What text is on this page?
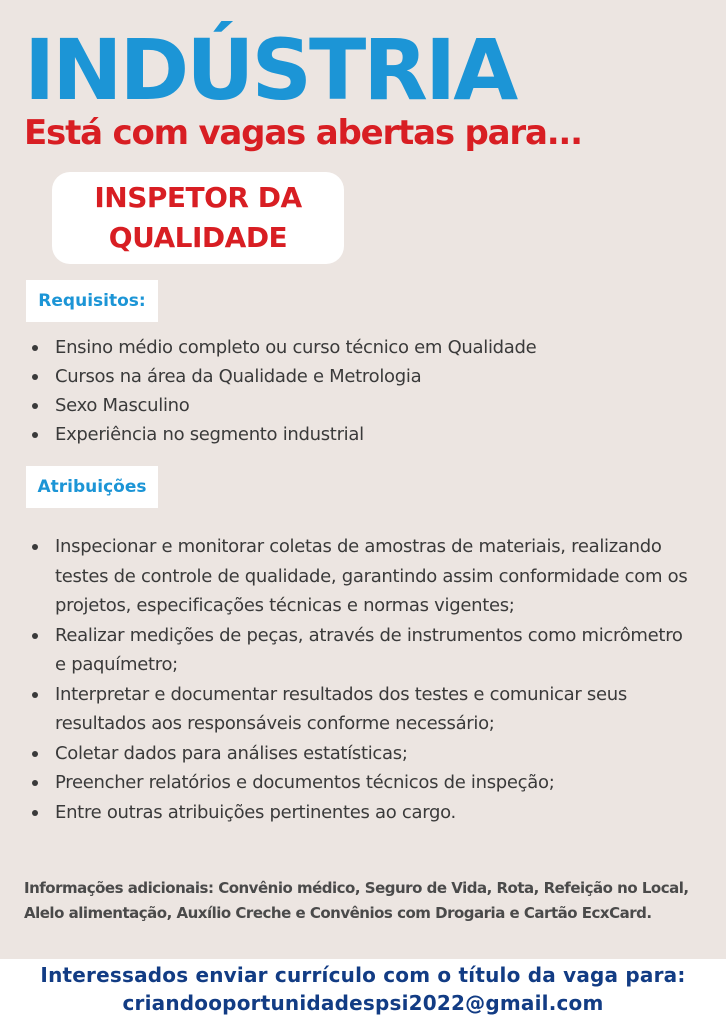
INDÚSTRIA
Está com vagas abertas para...
INSPETOR DA
QUALIDADE
Requisitos:
Ensino médio completo ou curso técnico em Qualidade
Cursos na área da Qualidade e Metrologia
Sexo Masculino
Experiência no segmento industrial
Atribuições
Inspecionar e monitorar coletas de amostras de materiais, realizando testes de controle de qualidade, garantindo assim conformidade com os projetos, especificações técnicas e normas vigentes;
Realizar medições de peças, através de instrumentos como micrômetro e paquímetro;
Interpretar e documentar resultados dos testes e comunicar seus resultados aos responsáveis conforme necessário;
Coletar dados para análises estatísticas;
Preencher relatórios e documentos técnicos de inspeção;
Entre outras atribuições pertinentes ao cargo.

Informações adicionais: Convênio médico, Seguro de Vida, Rota, Refeição no Local, Alelo alimentação, Auxílio Creche e Convênios com Drogaria e Cartão EcxCard.

Interessados enviar currículo com o título da vaga para:

criandooportunidadespsi2022@gmail.com
